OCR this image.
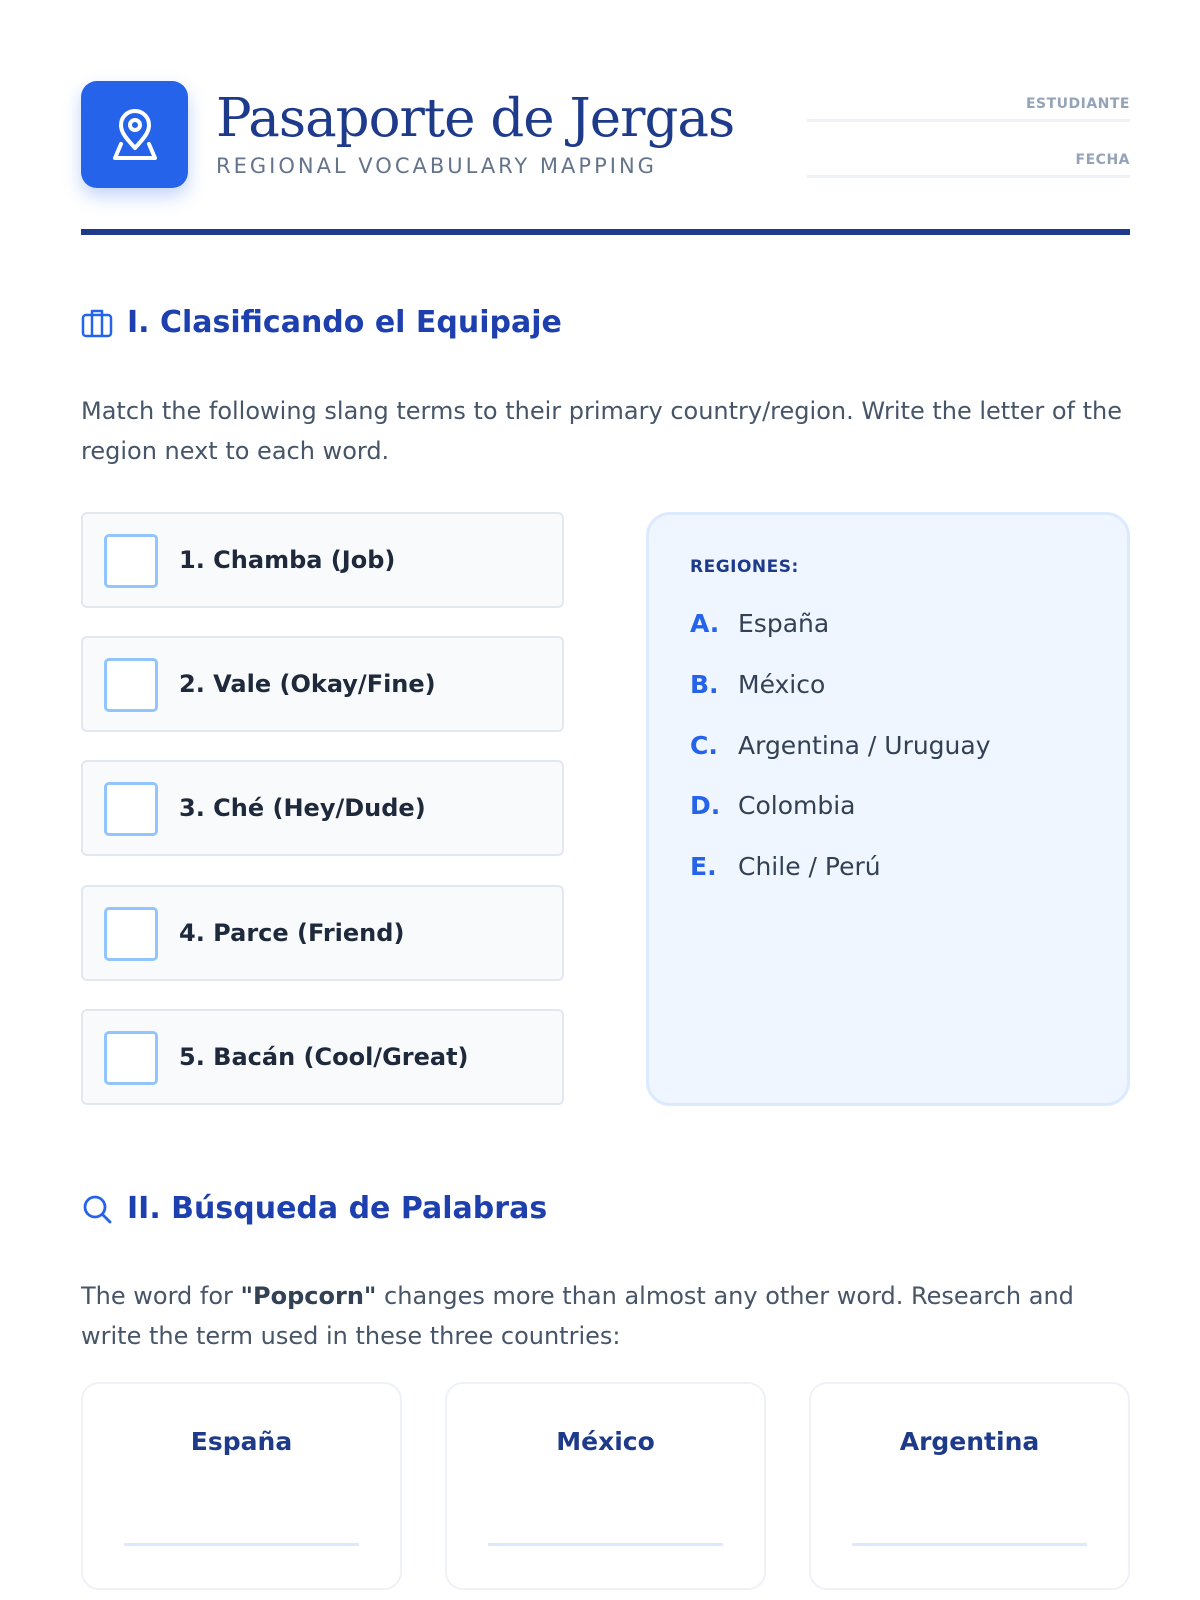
Pasaporte de Jergas
REGIONAL VOCABULARY MAPPING
ESTUDIANTE
FECHA
I. Clasificando el Equipaje
Match the following slang terms to their primary country/region. Write the letter of the region next to each word.
1. Chamba (Job)
2. Vale (Okay/Fine)
3. Ché (Hey/Dude)
4. Parce (Friend)
5. Bacán (Cool/Great)
REGIONES:
A. España
B. México
C. Argentina / Uruguay
D. Colombia
E. Chile / Perú
II. Búsqueda de Palabras
The word for "Popcorn" changes more than almost any other word. Research and write the term used in these three countries:
España	México	Argentina
